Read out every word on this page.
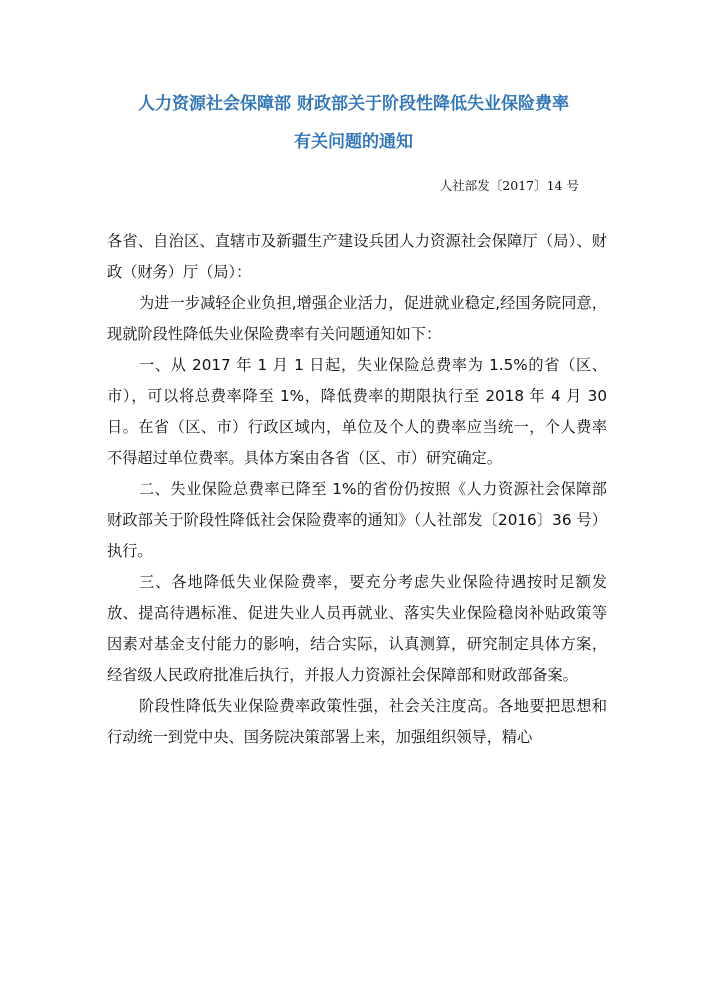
人力资源社会保障部 财政部关于阶段性降低失业保险费率
有关问题的通知
人社部发〔2017〕14 号

各省、自治区、直辖市及新疆生产建设兵团人力资源社会保障厅（局）、财政（财务）厅（局）：

为进一步减轻企业负担,增强企业活力，促进就业稳定,经国务院同意，现就阶段性降低失业保险费率有关问题通知如下：

一、从 2017 年 1 月 1 日起，失业保险总费率为 1.5%的省（区、市），可以将总费率降至 1%，降低费率的期限执行至 2018 年 4 月 30 日。在省（区、市）行政区域内，单位及个人的费率应当统一，个人费率不得超过单位费率。具体方案由各省（区、市）研究确定。

二、失业保险总费率已降至 1%的省份仍按照《人力资源社会保障部 财政部关于阶段性降低社会保险费率的通知》（人社部发〔2016〕36 号）执行。

三、各地降低失业保险费率，要充分考虑失业保险待遇按时足额发放、提高待遇标准、促进失业人员再就业、落实失业保险稳岗补贴政策等因素对基金支付能力的影响，结合实际，认真测算，研究制定具体方案，经省级人民政府批准后执行，并报人力资源社会保障部和财政部备案。

阶段性降低失业保险费率政策性强，社会关注度高。各地要把思想和行动统一到党中央、国务院决策部署上来，加强组织领导，精心
